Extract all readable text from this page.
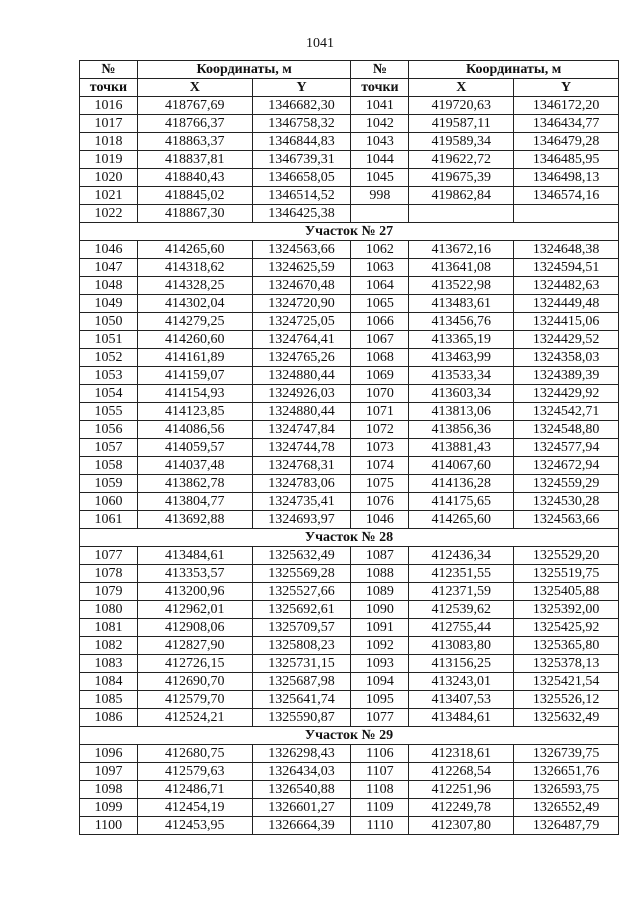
1041
№	Координаты, м		№	Координаты, м	
точки	X	Y	точки	X	Y
1016	418767,69	1346682,30	1041	419720,63	1346172,20
1017	418766,37	1346758,32	1042	419587,11	1346434,77
1018	418863,37	1346844,83	1043	419589,34	1346479,28
1019	418837,81	1346739,31	1044	419622,72	1346485,95
1020	418840,43	1346658,05	1045	419675,39	1346498,13
1021	418845,02	1346514,52	998	419862,84	1346574,16
1022	418867,30	1346425,38			
Участок № 27					
1046	414265,60	1324563,66	1062	413672,16	1324648,38
1047	414318,62	1324625,59	1063	413641,08	1324594,51
1048	414328,25	1324670,48	1064	413522,98	1324482,63
1049	414302,04	1324720,90	1065	413483,61	1324449,48
1050	414279,25	1324725,05	1066	413456,76	1324415,06
1051	414260,60	1324764,41	1067	413365,19	1324429,52
1052	414161,89	1324765,26	1068	413463,99	1324358,03
1053	414159,07	1324880,44	1069	413533,34	1324389,39
1054	414154,93	1324926,03	1070	413603,34	1324429,92
1055	414123,85	1324880,44	1071	413813,06	1324542,71
1056	414086,56	1324747,84	1072	413856,36	1324548,80
1057	414059,57	1324744,78	1073	413881,43	1324577,94
1058	414037,48	1324768,31	1074	414067,60	1324672,94
1059	413862,78	1324783,06	1075	414136,28	1324559,29
1060	413804,77	1324735,41	1076	414175,65	1324530,28
1061	413692,88	1324693,97	1046	414265,60	1324563,66
Участок № 28					
1077	413484,61	1325632,49	1087	412436,34	1325529,20
1078	413353,57	1325569,28	1088	412351,55	1325519,75
1079	413200,96	1325527,66	1089	412371,59	1325405,88
1080	412962,01	1325692,61	1090	412539,62	1325392,00
1081	412908,06	1325709,57	1091	412755,44	1325425,92
1082	412827,90	1325808,23	1092	413083,80	1325365,80
1083	412726,15	1325731,15	1093	413156,25	1325378,13
1084	412690,70	1325687,98	1094	413243,01	1325421,54
1085	412579,70	1325641,74	1095	413407,53	1325526,12
1086	412524,21	1325590,87	1077	413484,61	1325632,49
Участок № 29					
1096	412680,75	1326298,43	1106	412318,61	1326739,75
1097	412579,63	1326434,03	1107	412268,54	1326651,76
1098	412486,71	1326540,88	1108	412251,96	1326593,75
1099	412454,19	1326601,27	1109	412249,78	1326552,49
1100	412453,95	1326664,39	1110	412307,80	1326487,79
